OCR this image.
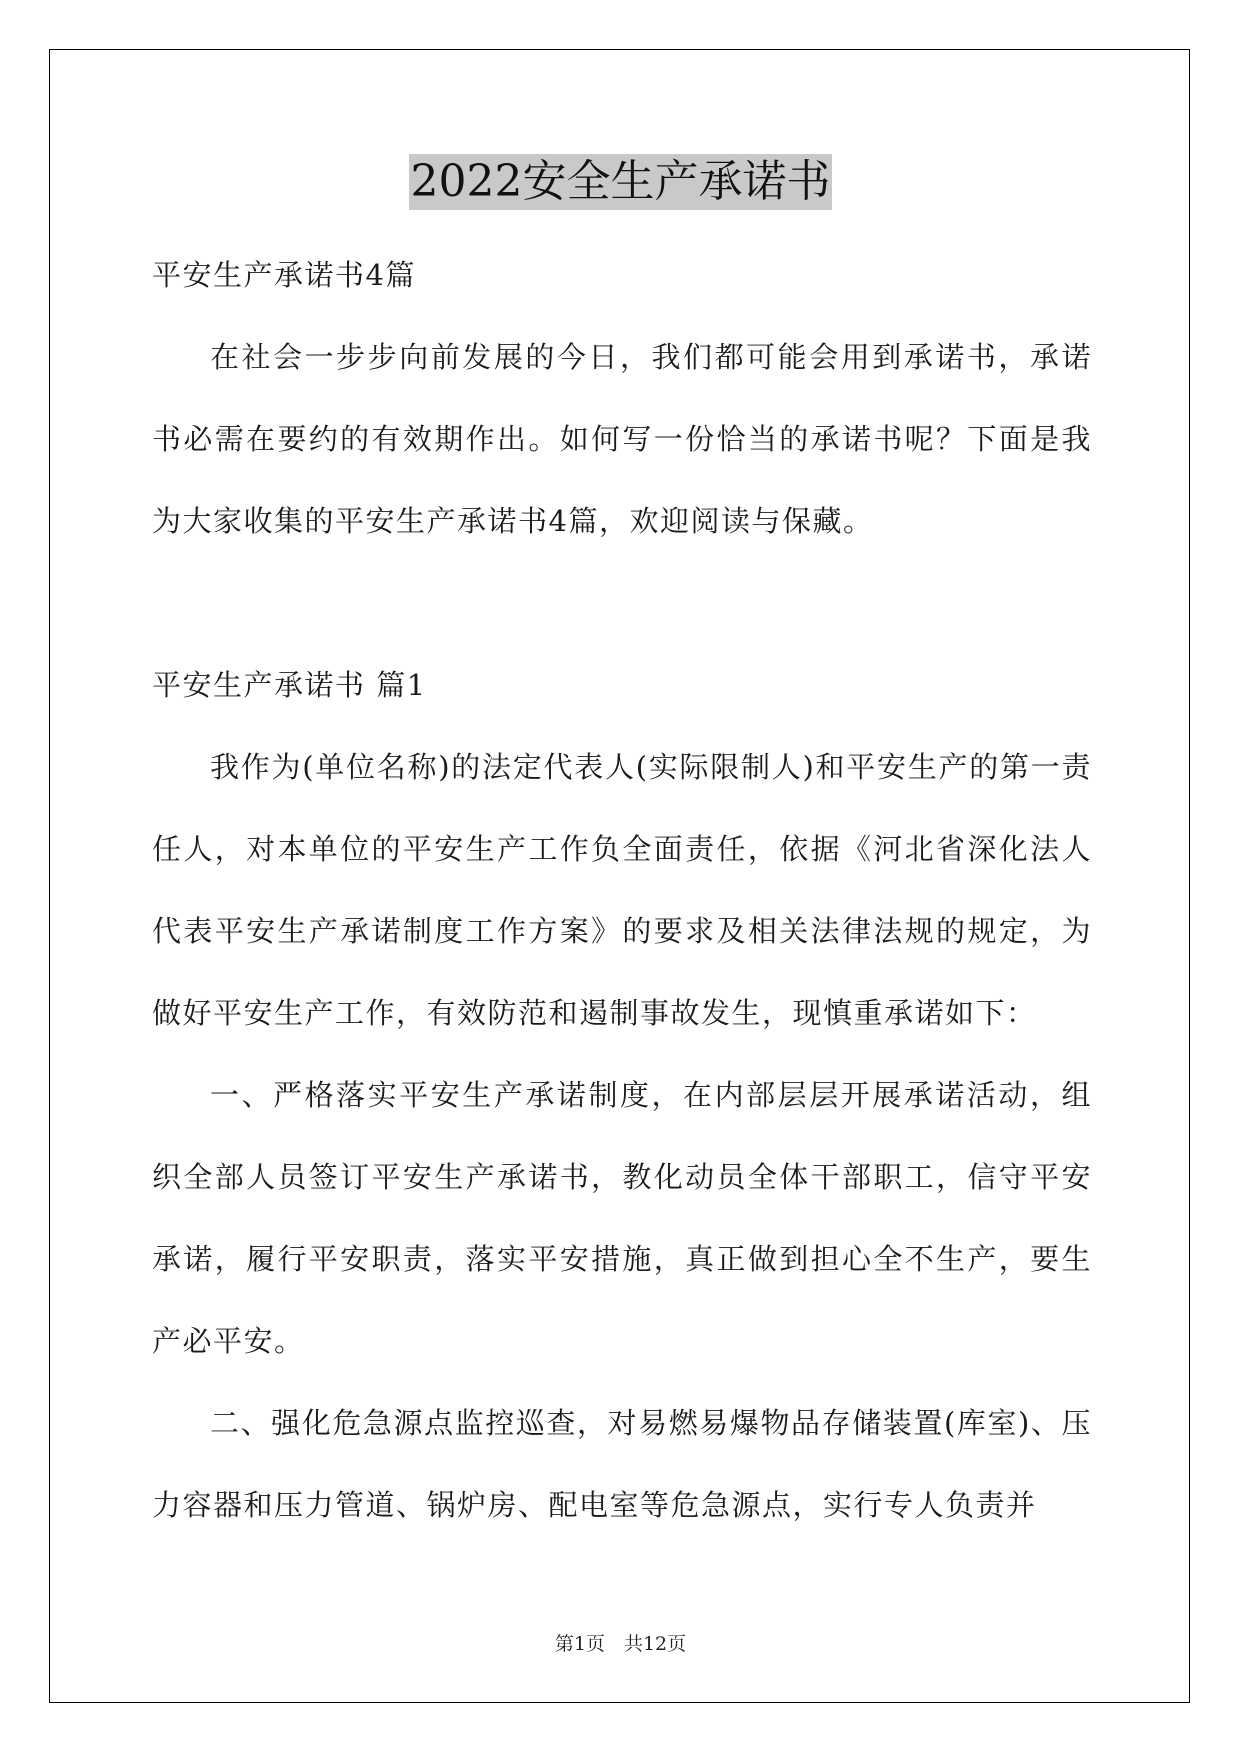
2022安全生产承诺书

平安生产承诺书4篇

在社会一步步向前发展的今日，我们都可能会用到承诺书，承诺书必需在要约的有效期作出。如何写一份恰当的承诺书呢？下面是我为大家收集的平安生产承诺书4篇，欢迎阅读与保藏。

平安生产承诺书 篇1

我作为(单位名称)的法定代表人(实际限制人)和平安生产的第一责任人，对本单位的平安生产工作负全面责任，依据《河北省深化法人代表平安生产承诺制度工作方案》的要求及相关法律法规的规定，为做好平安生产工作，有效防范和遏制事故发生，现慎重承诺如下：

一、严格落实平安生产承诺制度，在内部层层开展承诺活动，组织全部人员签订平安生产承诺书，教化动员全体干部职工，信守平安承诺，履行平安职责，落实平安措施，真正做到担心全不生产，要生产必平安。

二、强化危急源点监控巡查，对易燃易爆物品存储装置(库室)、压力容器和压力管道、锅炉房、配电室等危急源点，实行专人负责并

第1页　共12页
